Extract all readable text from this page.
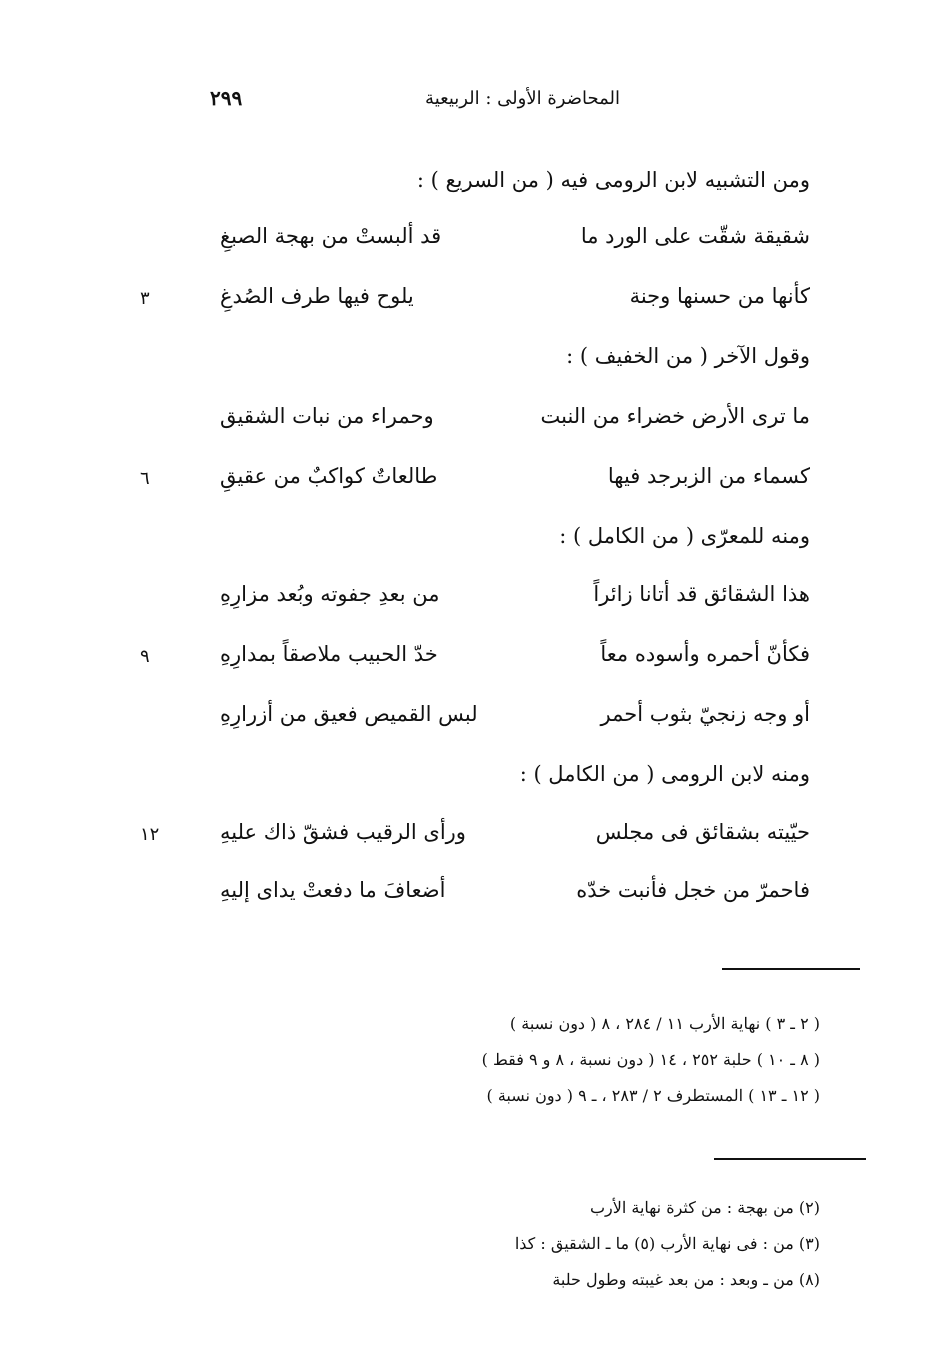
٢٩٩	المحاضرة الأولى : الربيعية
ومن التشبيه لابن الرومى فيه ( من السريع ) :
شقيقة شقّت على الورد ما
قد ألبستْ من بهجة الصبغِ
كأنها من حسنها وجنة
يلوح فيها طرف الصُدغِ
٣
وقول الآخر ( من الخفيف ) :
ما ترى الأرض خضراء من النبت
وحمراء من نبات الشقيق
كسماء من الزبرجد فيها
طالعاتٌ كواكبٌ من عقيقِ
٦
ومنه للمعرّى ( من الكامل ) :
هذا الشقائق قد أتانا زائراً
من بعدِ جفوته وبُعد مزارِهِ
فكأنّ أحمره وأسوده معاً
خدّ الحبيب ملاصقاً بمدارِهِ
٩
أو وجه زنجيّ بثوب أحمر
لبس القميص فعيق من أزرارِهِ
ومنه لابن الرومى ( من الكامل ) :
حيّيته بشقائق فى مجلس
ورأى الرقيب فشقّ ذاك عليهِ
١٢
فاحمرّ من خجل فأنبت خدّه
أضعافَ ما دفعتْ يداى إليهِ
( ٢ ـ ٣ ) نهاية الأرب ١١ / ٢٨٤ ، ٨ ( دون نسبة )
( ٨ ـ ١٠ ) حلبة ٢٥٢ ، ١٤ ( دون نسبة ، ٨ و ٩ فقط )
( ١٢ ـ ١٣ ) المستطرف ٢ / ٢٨٣ ، ـ ٩ ( دون نسبة )
(٢) من بهجة : من كثرة نهاية الأرب
(٣) من : فى نهاية الأرب (٥) ما ـ الشقيق : كذا
(٨) من ـ وبعد : من بعد غيبته وطول حلبة
